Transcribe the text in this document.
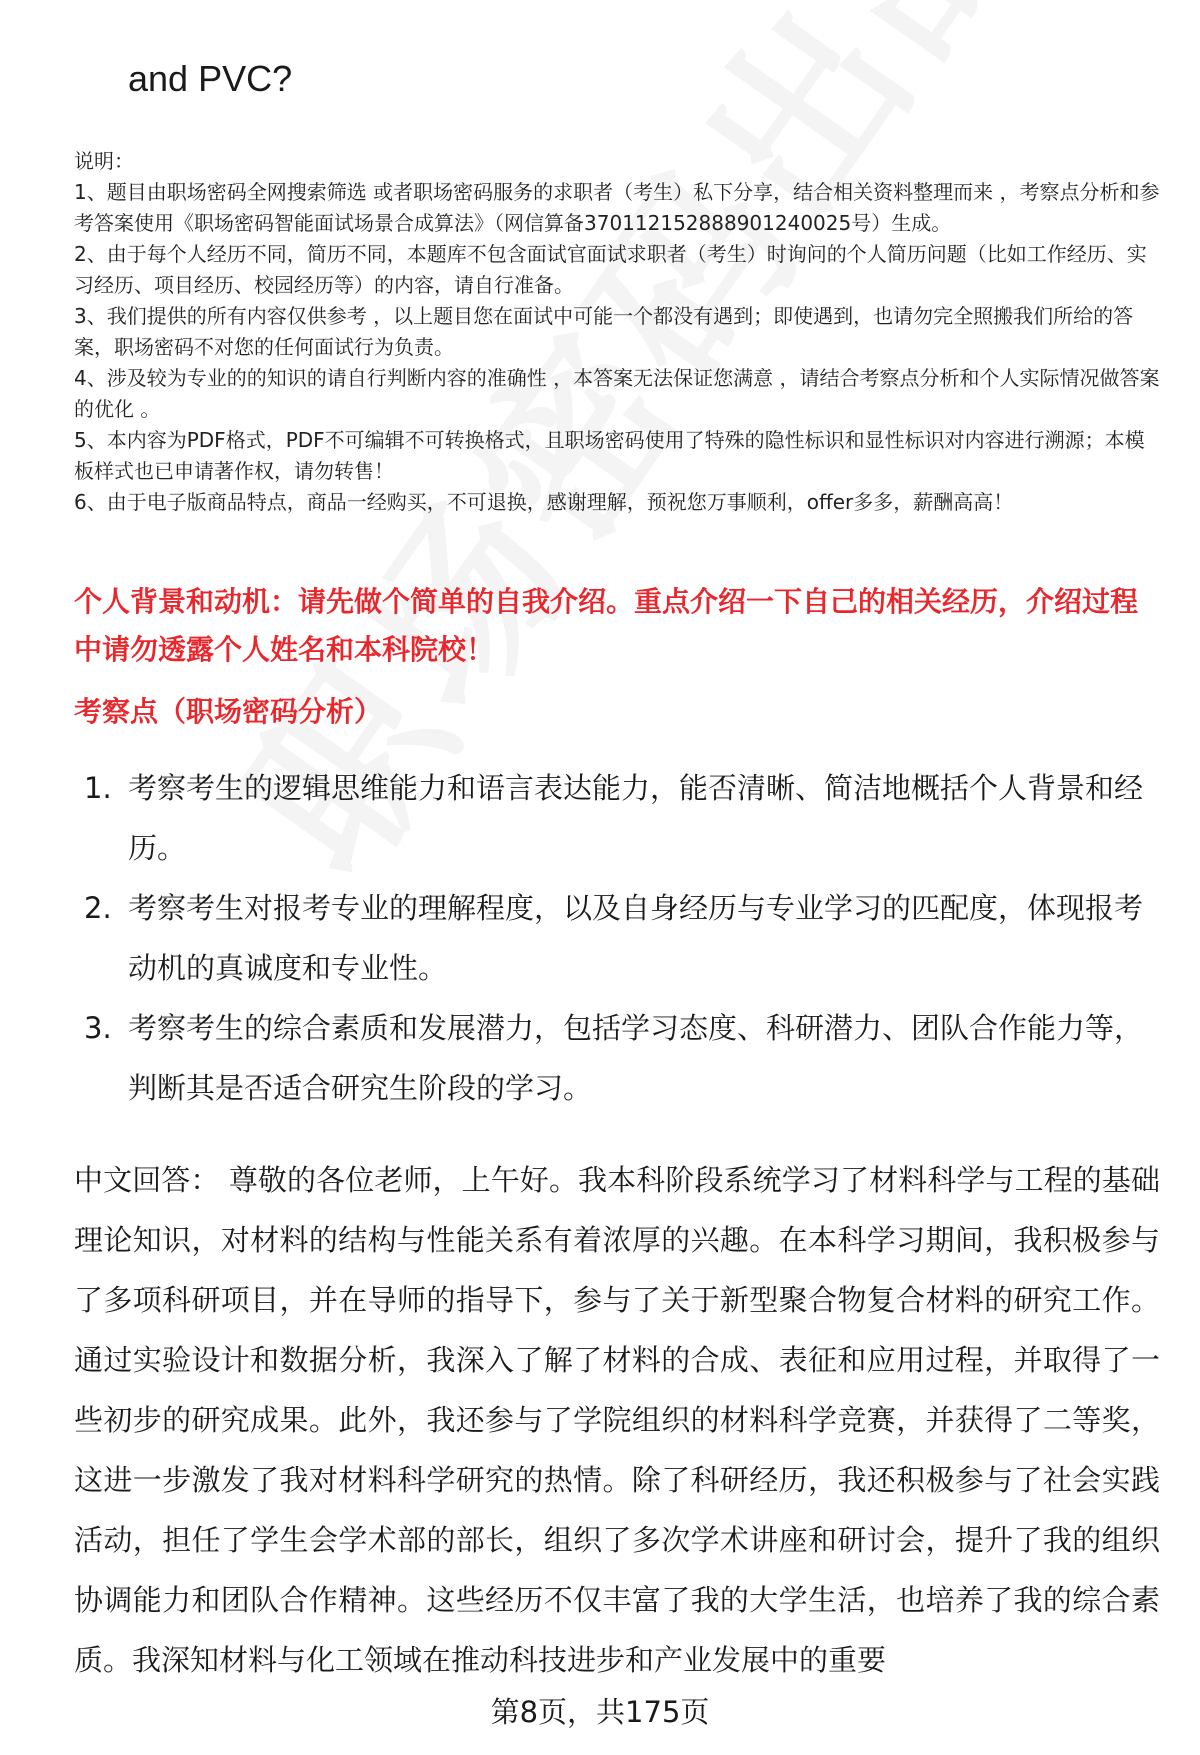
and PVC?

说明：

1、题目由职场密码全网搜索筛选 或者职场密码服务的求职者（考生）私下分享，结合相关资料整理而来 ，考察点分析和参考答案使用《职场密码智能面试场景合成算法》（网信算备370112152888901240025号）生成。

2、由于每个人经历不同，简历不同，本题库不包含面试官面试求职者（考生）时询问的个人简历问题（比如工作经历、实习经历、项目经历、校园经历等）的内容，请自行准备。

3、我们提供的所有内容仅供参考 ，以上题目您在面试中可能一个都没有遇到；即使遇到，也请勿完全照搬我们所给的答案，职场密码不对您的任何面试行为负责。

4、涉及较为专业的的知识的请自行判断内容的准确性 ，本答案无法保证您满意 ，请结合考察点分析和个人实际情况做答案的优化 。

5、本内容为PDF格式，PDF不可编辑不可转换格式，且职场密码使用了特殊的隐性标识和显性标识对内容进行溯源；本模板样式也已申请著作权，请勿转售！

6、由于电子版商品特点，商品一经购买，不可退换，感谢理解，预祝您万事顺利，offer多多，薪酬高高！

个人背景和动机：请先做个简单的自我介绍。重点介绍一下自己的相关经历，介绍过程中请勿透露个人姓名和本科院校！
考察点（职场密码分析）
1. 考察考生的逻辑思维能力和语言表达能力，能否清晰、简洁地概括个人背景和经历。
2. 考察考生对报考专业的理解程度，以及自身经历与专业学习的匹配度，体现报考动机的真诚度和专业性。
3. 考察考生的综合素质和发展潜力，包括学习态度、科研潜力、团队合作能力等，判断其是否适合研究生阶段的学习。
中文回答： 尊敬的各位老师，上午好。我本科阶段系统学习了材料科学与工程的基础理论知识，对材料的结构与性能关系有着浓厚的兴趣。在本科学习期间，我积极参与了多项科研项目，并在导师的指导下，参与了关于新型聚合物复合材料的研究工作。通过实验设计和数据分析，我深入了解了材料的合成、表征和应用过程，并取得了一些初步的研究成果。此外，我还参与了学院组织的材料科学竞赛，并获得了二等奖，这进一步激发了我对材料科学研究的热情。除了科研经历，我还积极参与了社会实践活动，担任了学生会学术部的部长，组织了多次学术讲座和研讨会，提升了我的组织协调能力和团队合作精神。这些经历不仅丰富了我的大学生活，也培养了我的综合素质。我深知材料与化工领域在推动科技进步和产业发展中的重要
第8页，共175页
